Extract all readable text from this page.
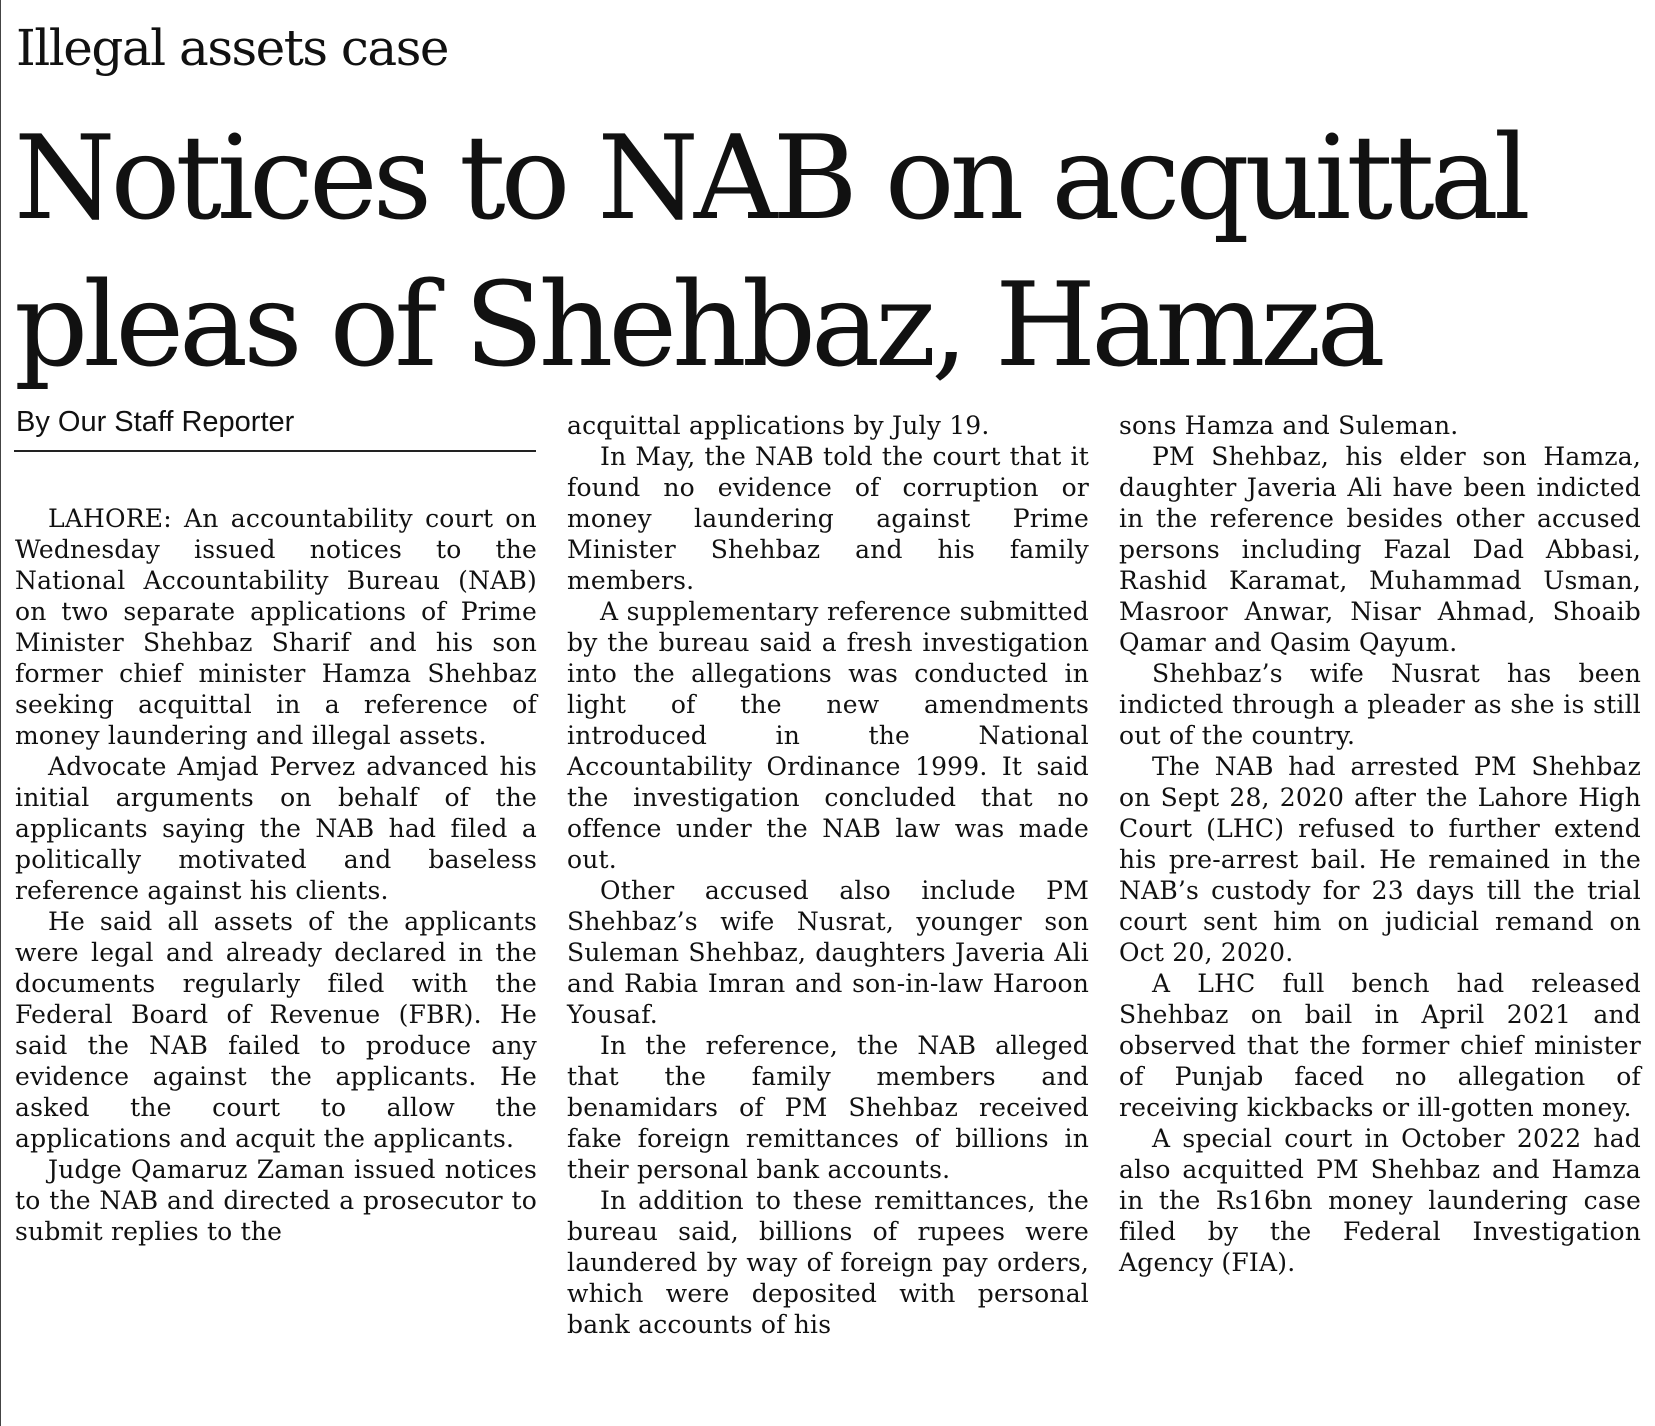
Illegal assets case
Notices to NAB on acquittal
pleas of Shehbaz, Hamza
By Our Staff Reporter

LAHORE: An accountability court on Wednesday issued notices to the National Accountability Bureau (NAB) on two separate applications of Prime Minister Shehbaz Sharif and his son former chief minister Hamza Shehbaz seeking acquittal in a reference of money laundering and illegal assets.

Advocate Amjad Pervez advanced his initial arguments on behalf of the applicants saying the NAB had filed a politically motivated and baseless reference against his clients.

He said all assets of the applicants were legal and already declared in the documents regularly filed with the Federal Board of Revenue (FBR). He said the NAB failed to produce any evidence against the applicants. He asked the court to allow the applications and acquit the applicants.

Judge Qamaruz Zaman issued notices to the NAB and directed a prosecutor to submit replies to the

acquittal applications by July 19.

In May, the NAB told the court that it found no evidence of corruption or money laundering against Prime Minister Shehbaz and his family members.

A supplementary reference submitted by the bureau said a fresh investigation into the allegations was conducted in light of the new amendments introduced in the National Accountability Ordinance 1999. It said the investigation concluded that no offence under the NAB law was made out.

Other accused also include PM Shehbaz’s wife Nusrat, younger son Suleman Shehbaz, daughters Javeria Ali and Rabia Imran and son-in-law Haroon Yousaf.

In the reference, the NAB alleged that the family members and benamidars of PM Shehbaz received fake foreign remittances of billions in their personal bank accounts.

In addition to these remittances, the bureau said, billions of rupees were laundered by way of foreign pay orders, which were deposited with personal bank accounts of his

sons Hamza and Suleman.

PM Shehbaz, his elder son Hamza, daughter Javeria Ali have been indicted in the reference besides other accused persons including Fazal Dad Abbasi, Rashid Karamat, Muhammad Usman, Masroor Anwar, Nisar Ahmad, Shoaib Qamar and Qasim Qayum.

Shehbaz’s wife Nusrat has been indicted through a pleader as she is still out of the country.

The NAB had arrested PM Shehbaz on Sept 28, 2020 after the Lahore High Court (LHC) refused to further extend his pre-arrest bail. He remained in the NAB’s custody for 23 days till the trial court sent him on judicial remand on Oct 20, 2020.

A LHC full bench had released Shehbaz on bail in April 2021 and observed that the former chief minister of Punjab faced no allegation of receiving kickbacks or ill-gotten money.

A special court in October 2022 had also acquitted PM Shehbaz and Hamza in the Rs16bn money laundering case filed by the Federal Investigation Agency (FIA).
